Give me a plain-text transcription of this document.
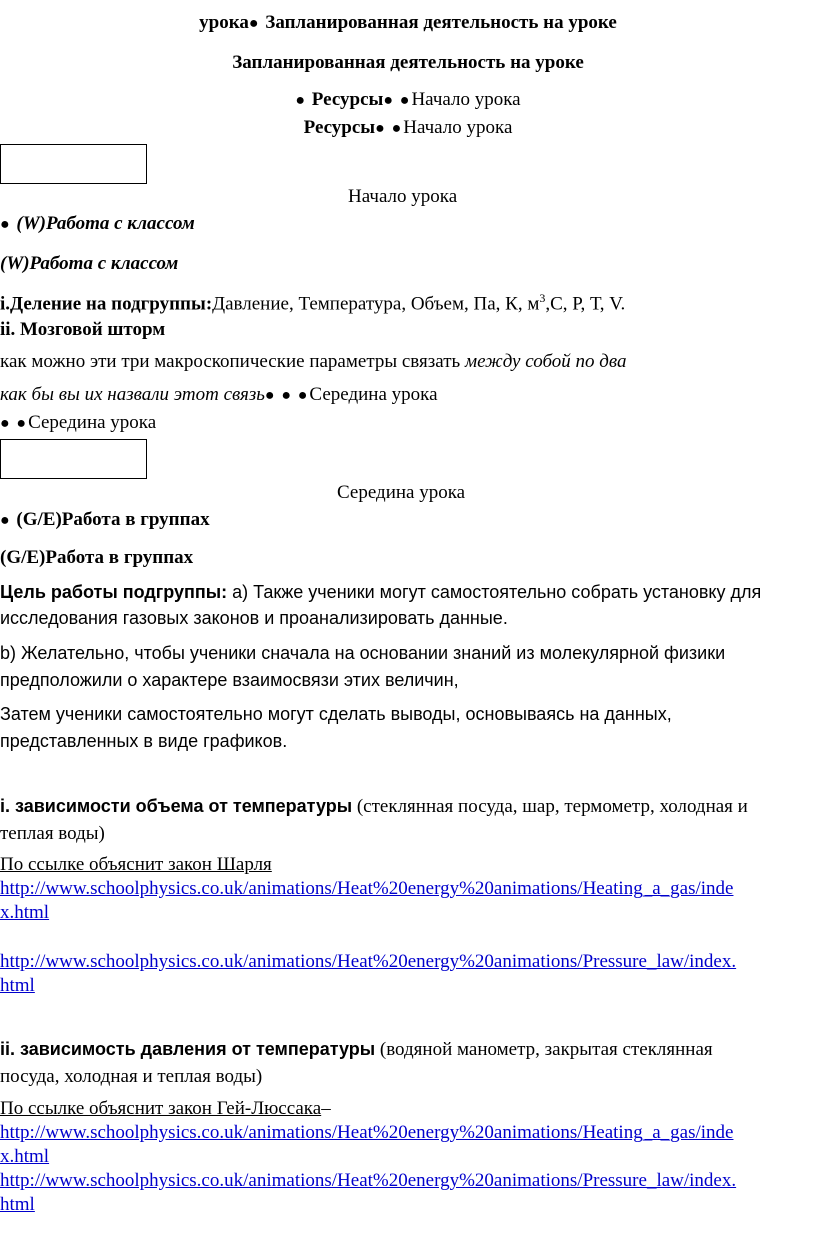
урока● Запланированная деятельность на уроке
Запланированная деятельность на уроке
● Ресурсы● ● Начало урока
Ресурсы● ● Начало урока
Начало урока
● (W)Работа с классом
(W)Работа с классом
i.Деление на подгруппы:Давление, Температура, Объем, Па, К, $м^3,С$, Р, Т, V.
ii. Мозговой шторм
как можно эти три макроскопические параметры связать между собой по два
как бы вы их назвали этот связь● ● ● Середина урока
● ● Середина урока
Середина урока
● (G/E)Работа в группах
(G/E)Работа в группах
Цель работы подгруппы: а) Также ученики могут самостоятельно собрать установку для
исследования газовых законов и проанализировать данные.
b) Желательно, чтобы ученики сначала на основании знаний из молекулярной физики
предположили о характере взаимосвязи этих величин,
Затем ученики самостоятельно могут сделать выводы, основываясь на данных,
представленных в виде графиков.
i. зависимости объема от температуры (стеклянная посуда, шар, термометр, холодная и
теплая воды)
По ссылке объяснит закон Шарля
http://www.schoolphysics.co.uk/animations/Heat%20energy%20animations/Heating_a_gas/inde
x.html
http://www.schoolphysics.co.uk/animations/Heat%20energy%20animations/Pressure_law/index.
html
ii. зависимость давления от температуры (водяной манометр, закрытая стеклянная
посуда, холодная и теплая воды)
По ссылке объяснит закон Гей-Люссака–
http://www.schoolphysics.co.uk/animations/Heat%20energy%20animations/Heating_a_gas/inde
x.html
http://www.schoolphysics.co.uk/animations/Heat%20energy%20animations/Pressure_law/index.
html
